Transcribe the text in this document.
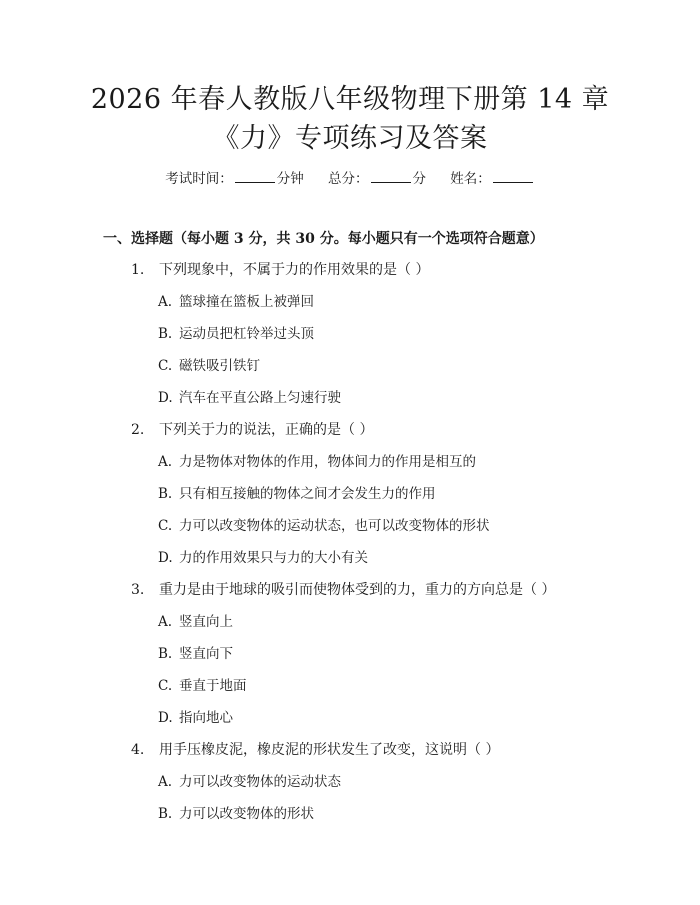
2026 年春人教版八年级物理下册第 14 章
《力》专项练习及答案
考试时间：	分钟 总分：	分 姓名：
一、选择题（每小题 3 分，共 30 分。每小题只有一个选项符合题意）
1. 下列现象中，不属于力的作用效果的是（ ）
A. 篮球撞在篮板上被弹回
B. 运动员把杠铃举过头顶
C. 磁铁吸引铁钉
D. 汽车在平直公路上匀速行驶
2. 下列关于力的说法，正确的是（ ）
A. 力是物体对物体的作用，物体间力的作用是相互的
B. 只有相互接触的物体之间才会发生力的作用
C. 力可以改变物体的运动状态，也可以改变物体的形状
D. 力的作用效果只与力的大小有关
3. 重力是由于地球的吸引而使物体受到的力，重力的方向总是（ ）
A. 竖直向上
B. 竖直向下
C. 垂直于地面
D. 指向地心
4. 用手压橡皮泥，橡皮泥的形状发生了改变，这说明（ ）
A. 力可以改变物体的运动状态
B. 力可以改变物体的形状
